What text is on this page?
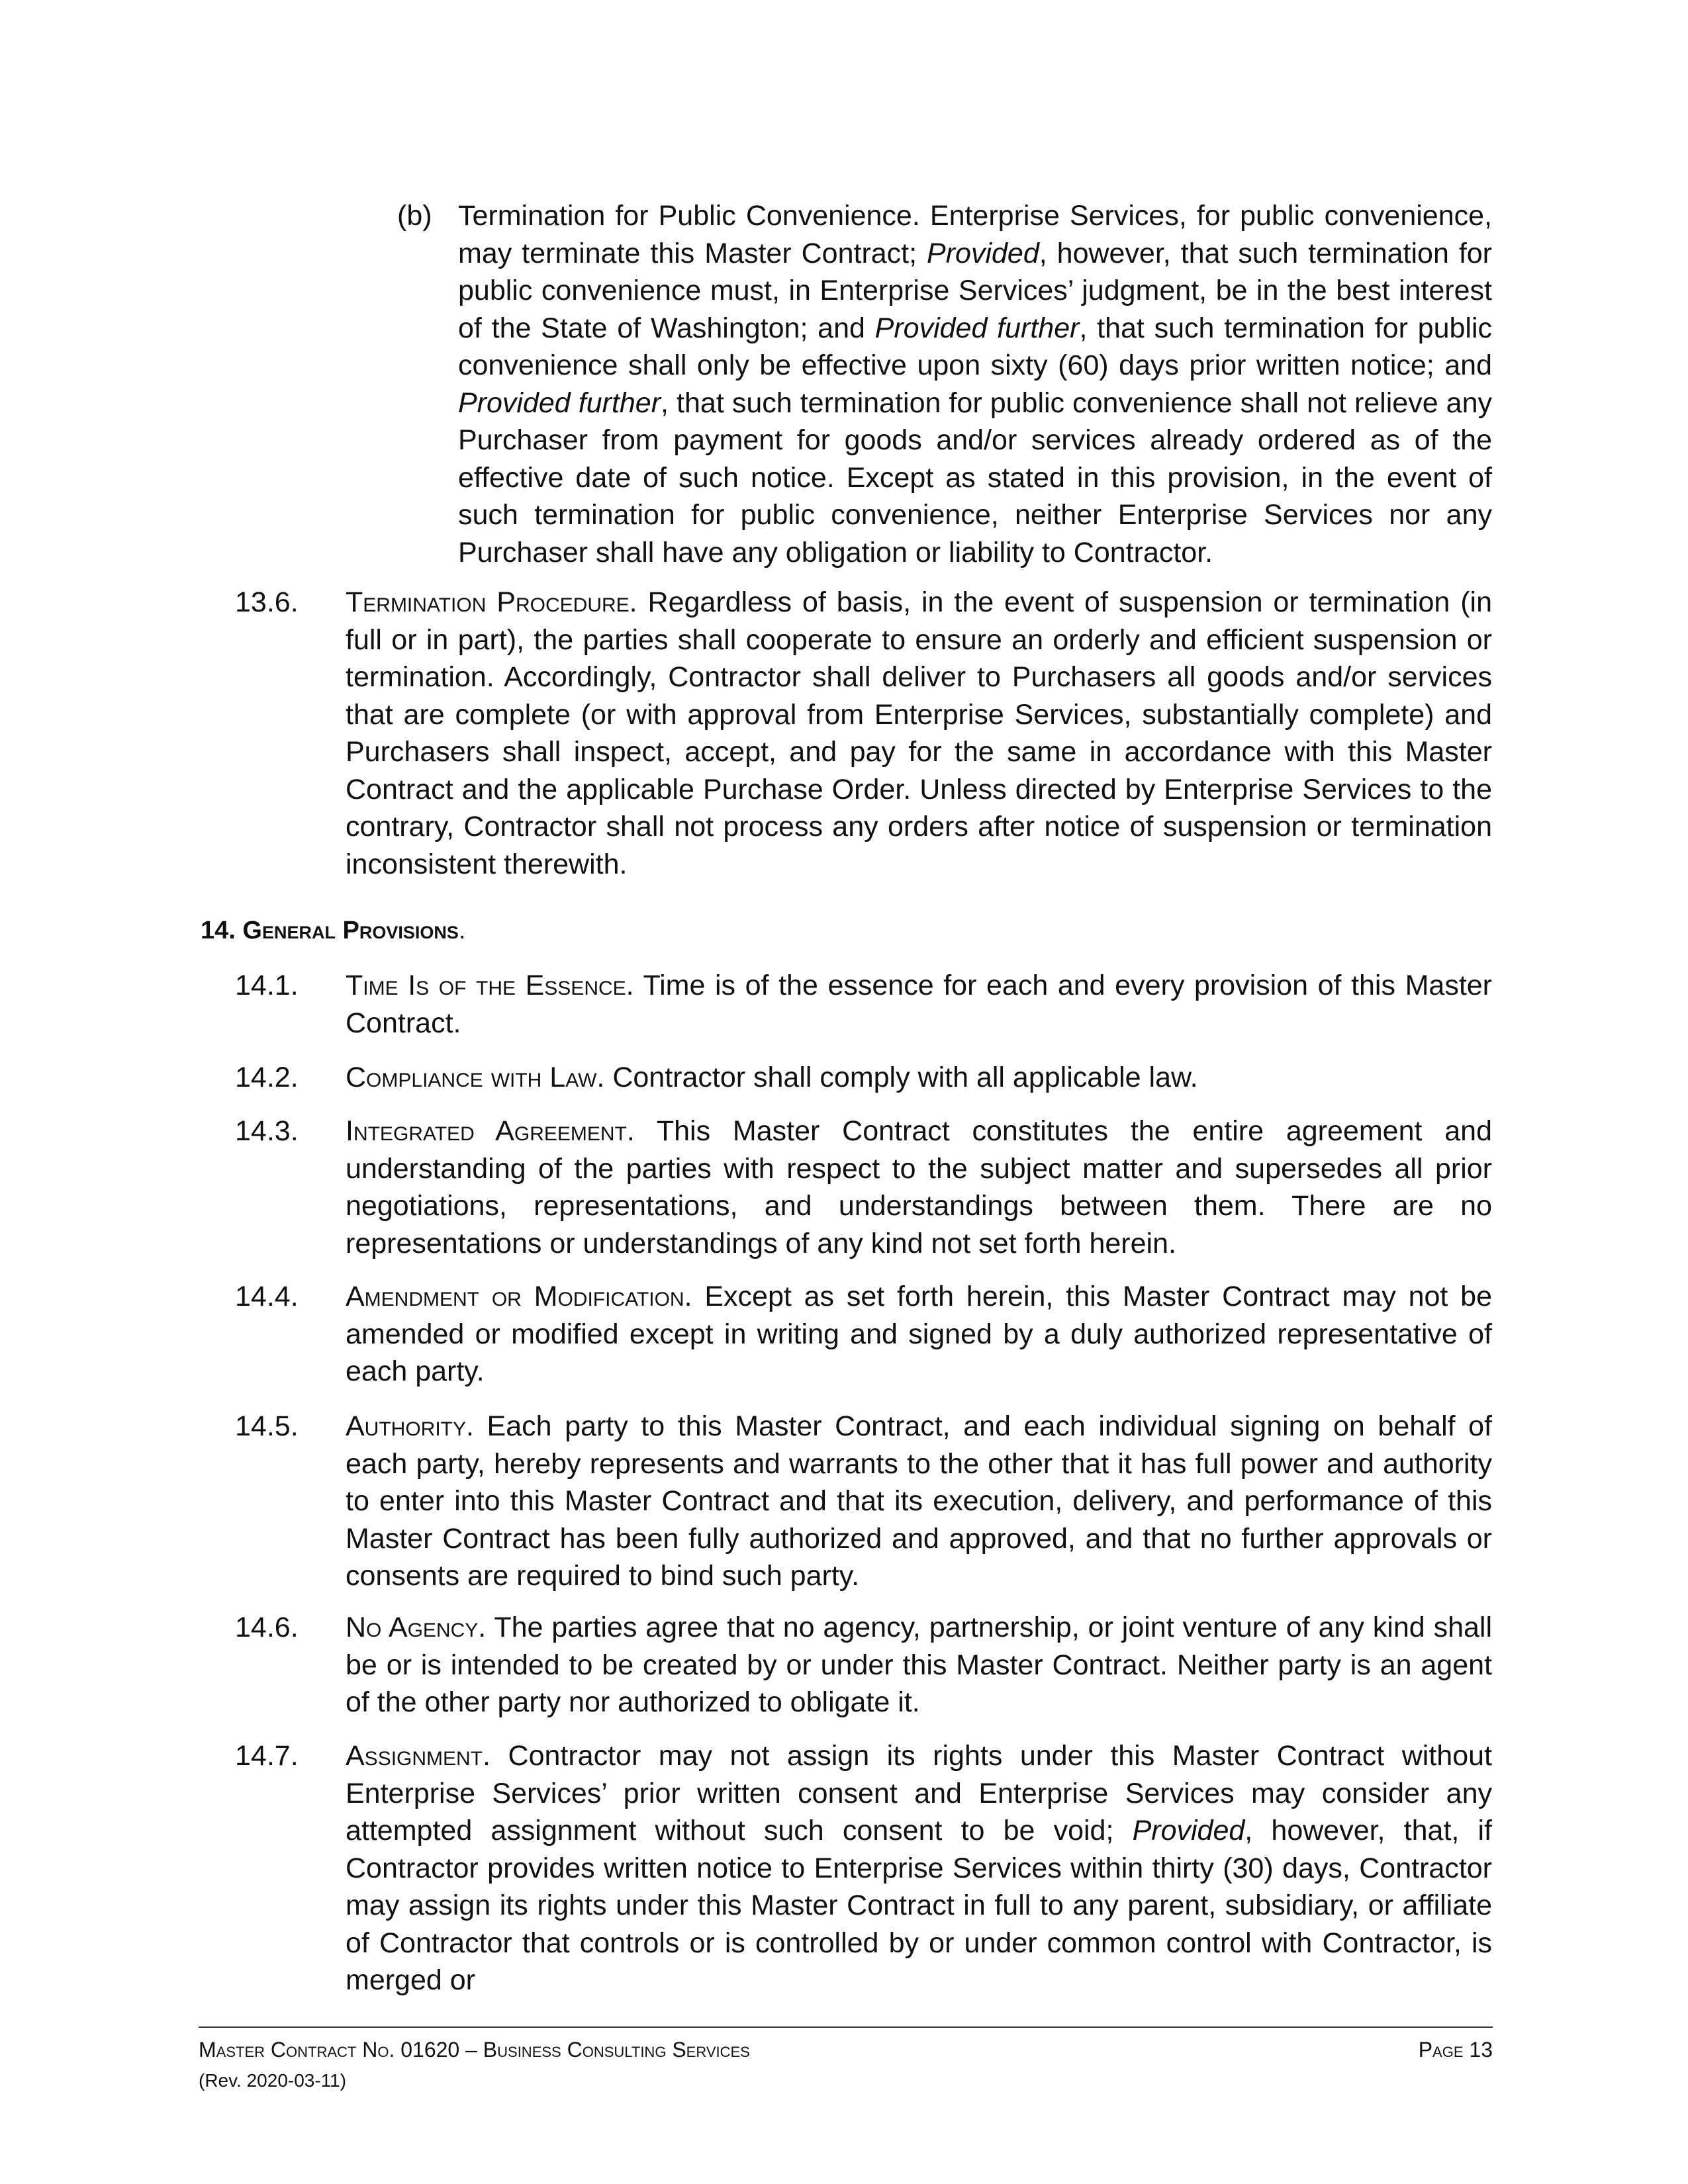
(b) Termination for Public Convenience. Enterprise Services, for public convenience, may terminate this Master Contract; Provided, however, that such termination for public convenience must, in Enterprise Services’ judgment, be in the best interest of the State of Washington; and Provided further, that such termination for public convenience shall only be effective upon sixty (60) days prior written notice; and Provided further, that such termination for public convenience shall not relieve any Purchaser from payment for goods and/or services already ordered as of the effective date of such notice. Except as stated in this provision, in the event of such termination for public convenience, neither Enterprise Services nor any Purchaser shall have any obligation or liability to Contractor.
13.6. Termination Procedure. Regardless of basis, in the event of suspension or termination (in full or in part), the parties shall cooperate to ensure an orderly and efficient suspension or termination. Accordingly, Contractor shall deliver to Purchasers all goods and/or services that are complete (or with approval from Enterprise Services, substantially complete) and Purchasers shall inspect, accept, and pay for the same in accordance with this Master Contract and the applicable Purchase Order. Unless directed by Enterprise Services to the contrary, Contractor shall not process any orders after notice of suspension or termination inconsistent therewith.
14. General Provisions.
14.1. Time Is of the Essence. Time is of the essence for each and every provision of this Master Contract.
14.2. Compliance with Law. Contractor shall comply with all applicable law.
14.3. Integrated Agreement. This Master Contract constitutes the entire agreement and understanding of the parties with respect to the subject matter and supersedes all prior negotiations, representations, and understandings between them. There are no representations or understandings of any kind not set forth herein.
14.4. Amendment or Modification. Except as set forth herein, this Master Contract may not be amended or modified except in writing and signed by a duly authorized representative of each party.
14.5. Authority. Each party to this Master Contract, and each individual signing on behalf of each party, hereby represents and warrants to the other that it has full power and authority to enter into this Master Contract and that its execution, delivery, and performance of this Master Contract has been fully authorized and approved, and that no further approvals or consents are required to bind such party.
14.6. No Agency. The parties agree that no agency, partnership, or joint venture of any kind shall be or is intended to be created by or under this Master Contract. Neither party is an agent of the other party nor authorized to obligate it.
14.7. Assignment. Contractor may not assign its rights under this Master Contract without Enterprise Services’ prior written consent and Enterprise Services may consider any attempted assignment without such consent to be void; Provided, however, that, if Contractor provides written notice to Enterprise Services within thirty (30) days, Contractor may assign its rights under this Master Contract in full to any parent, subsidiary, or affiliate of Contractor that controls or is controlled by or under common control with Contractor, is merged or
Master Contract No. 01620 – Business Consulting Services
(Rev. 2020-03-11)
Page 13
